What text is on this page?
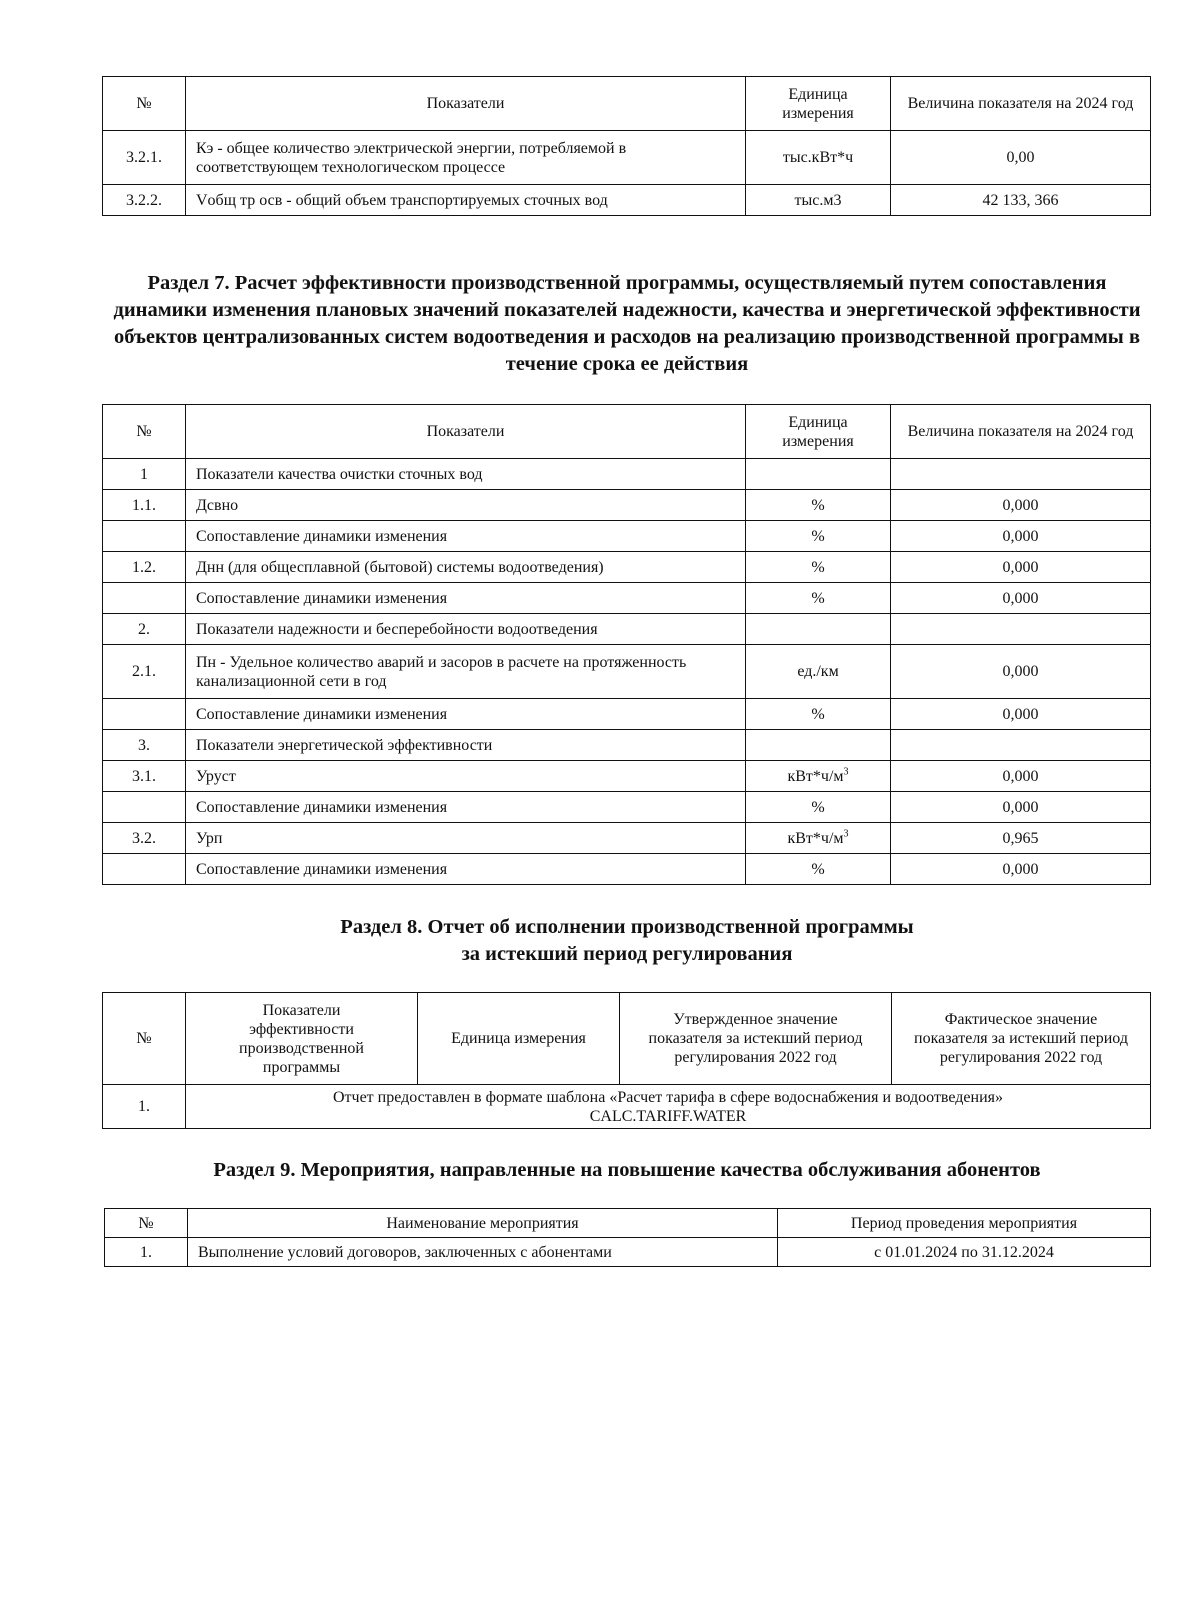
№	Показатели	Единица измерения	Величина показателя на 2024 год
3.2.1.	Кэ - общее количество электрической энергии, потребляемой в соответствующем технологическом процессе	тыс.кВт*ч	0,00
3.2.2.	Vобщ тр осв - общий объем транспортируемых сточных вод	тыс.м3	42 133, 366
Раздел 7. Расчет эффективности производственной программы, осуществляемый путем сопоставления динамики изменения плановых значений показателей надежности, качества и энергетической эффективности объектов централизованных систем водоотведения и расходов на реализацию производственной программы в течение срока ее действия
№	Показатели	Единица измерения	Величина показателя на 2024 год
1	Показатели качества очистки сточных вод		
1.1.	Дсвно	%	0,000
	Сопоставление динамики изменения	%	0,000
1.2.	Днн (для общесплавной (бытовой) системы водоотведения)	%	0,000
	Сопоставление динамики изменения	%	0,000
2.	Показатели надежности и бесперебойности водоотведения		
2.1.	Пн - Удельное количество аварий и засоров в расчете на протяженность канализационной сети в год	ед./км	0,000
	Сопоставление динамики изменения	%	0,000
3.	Показатели энергетической эффективности		
3.1.	Уруст	$кВт*ч/м^3$	0,000
	Сопоставление динамики изменения	%	0,000
3.2.	Урп	$кВт*ч/м^3$	0,965
	Сопоставление динамики изменения	%	0,000
Раздел 8. Отчет об исполнении производственной программы
за истекший период регулирования
№	Показатели эффективности производственной программы	Единица измерения	Утвержденное значение показателя за истекший период регулирования 2022 год	Фактическое значение показателя за истекший период регулирования 2022 год
1.	Отчет предоставлен в формате шаблона «Расчет тарифа в сфере водоснабжения и водоотведения»
CALC.TARIFF.WATER			
Раздел 9. Мероприятия, направленные на повышение качества обслуживания абонентов
№	Наименование мероприятия	Период проведения мероприятия
1.	Выполнение условий договоров, заключенных с абонентами	с 01.01.2024 по 31.12.2024
